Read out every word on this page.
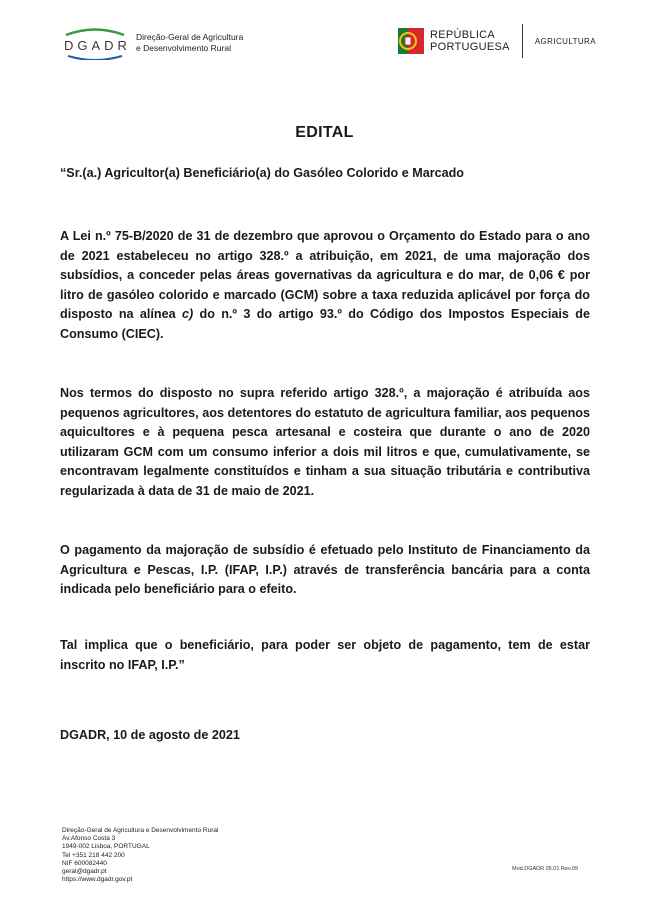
DGADR
Direção-Geral de Agricultura
e Desenvolvimento Rural
REPÚBLICA
PORTUGUESA	AGRICULTURA
EDITAL
“Sr.(a.) Agricultor(a) Beneficiário(a) do Gasóleo Colorido e Marcado

A Lei n.º 75-B/2020 de 31 de dezembro que aprovou o Orçamento do Estado para o ano de 2021 estabeleceu no artigo 328.º a atribuição, em 2021, de uma majoração dos subsídios, a conceder pelas áreas governativas da agricultura e do mar, de 0,06 € por litro de gasóleo colorido e marcado (GCM) sobre a taxa reduzida aplicável por força do disposto na alínea c) do n.º 3 do artigo 93.º do Código dos Impostos Especiais de Consumo (CIEC).

Nos termos do disposto no supra referido artigo 328.º, a majoração é atribuída aos pequenos agricultores, aos detentores do estatuto de agricultura familiar, aos pequenos aquicultores e à pequena pesca artesanal e costeira que durante o ano de 2020 utilizaram GCM com um consumo inferior a dois mil litros e que, cumulativamente, se encontravam legalmente constituídos e tinham a sua situação tributária e contributiva regularizada à data de 31 de maio de 2021.

O pagamento da majoração de subsídio é efetuado pelo Instituto de Financiamento da Agricultura e Pescas, I.P. (IFAP, I.P.) através de transferência bancária para a conta indicada pelo beneficiário para o efeito.

Tal implica que o beneficiário, para poder ser objeto de pagamento, tem de estar inscrito no IFAP, I.P.”

DGADR, 10 de agosto de 2021
Direção-Geral de Agricultura e Desenvolvimento Rural
Av.Afonso Costa 3
1949-002 Lisboa, PORTUGAL
Tel +351 218 442 200
NIF 600082440
geral@dgadr.pt
https://www.dgadr.gov.pt
Mod.DGADR 05.01 Rev.09
